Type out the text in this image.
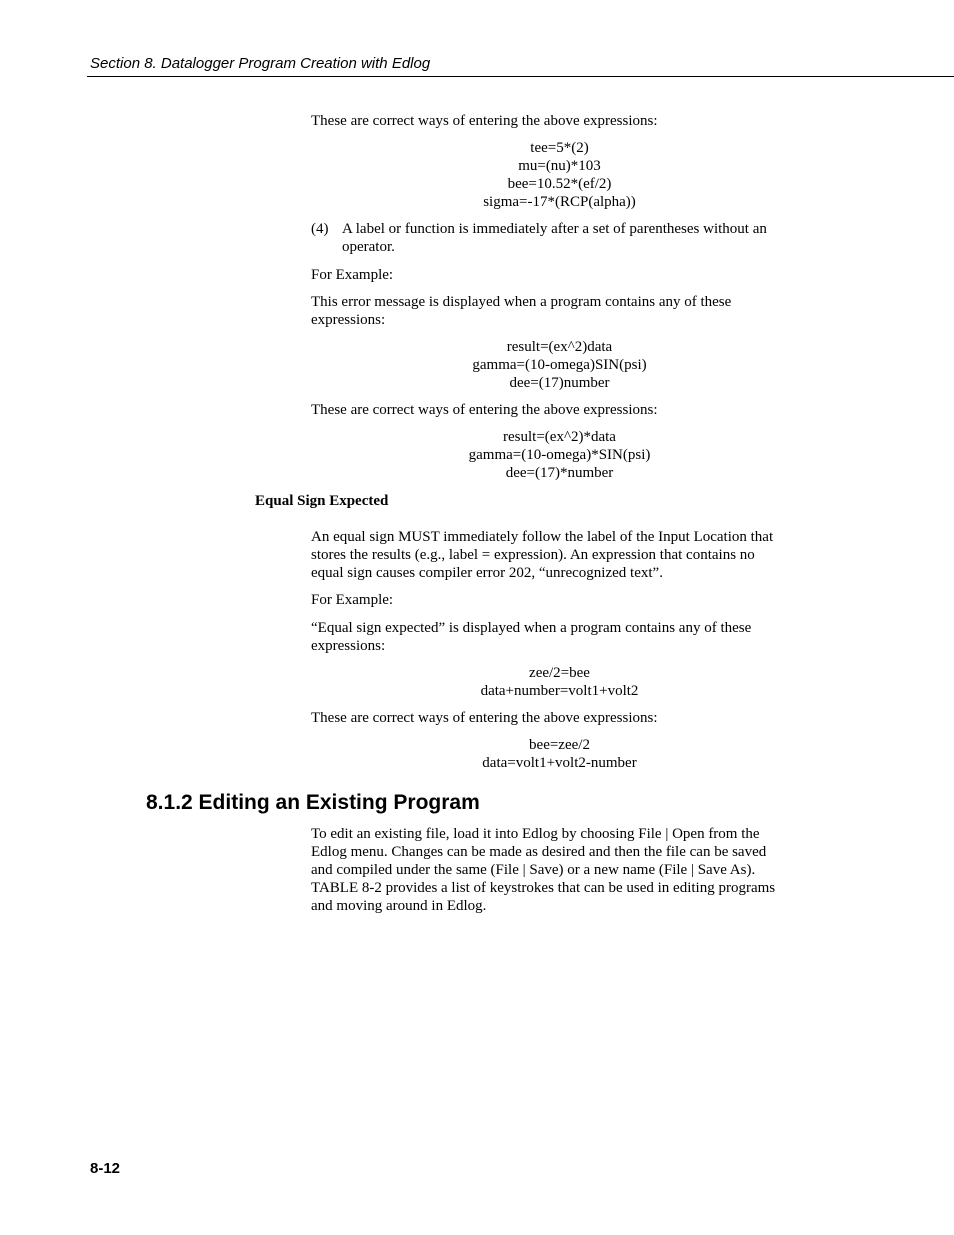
Section 8. Datalogger Program Creation with Edlog
These are correct ways of entering the above expressions:
tee=5*(2)
mu=(nu)*103
bee=10.52*(ef/2)
sigma=-17*(RCP(alpha))
(4) A label or function is immediately after a set of parentheses without an
operator.
For Example:
This error message is displayed when a program contains any of these
expressions:
result=(ex^2)data
gamma=(10-omega)SIN(psi)
dee=(17)number
These are correct ways of entering the above expressions:
result=(ex^2)*data
gamma=(10-omega)*SIN(psi)
dee=(17)*number
Equal Sign Expected
An equal sign MUST immediately follow the label of the Input Location that
stores the results (e.g., label = expression). An expression that contains no
equal sign causes compiler error 202, “unrecognized text”.
For Example:
“Equal sign expected” is displayed when a program contains any of these
expressions:
zee/2=bee
data+number=volt1+volt2
These are correct ways of entering the above expressions:
bee=zee/2
data=volt1+volt2-number
8.1.2 Editing an Existing Program
To edit an existing file, load it into Edlog by choosing File | Open from the
Edlog menu. Changes can be made as desired and then the file can be saved
and compiled under the same (File | Save) or a new name (File | Save As).
TABLE 8-2 provides a list of keystrokes that can be used in editing programs
and moving around in Edlog.
8-12
